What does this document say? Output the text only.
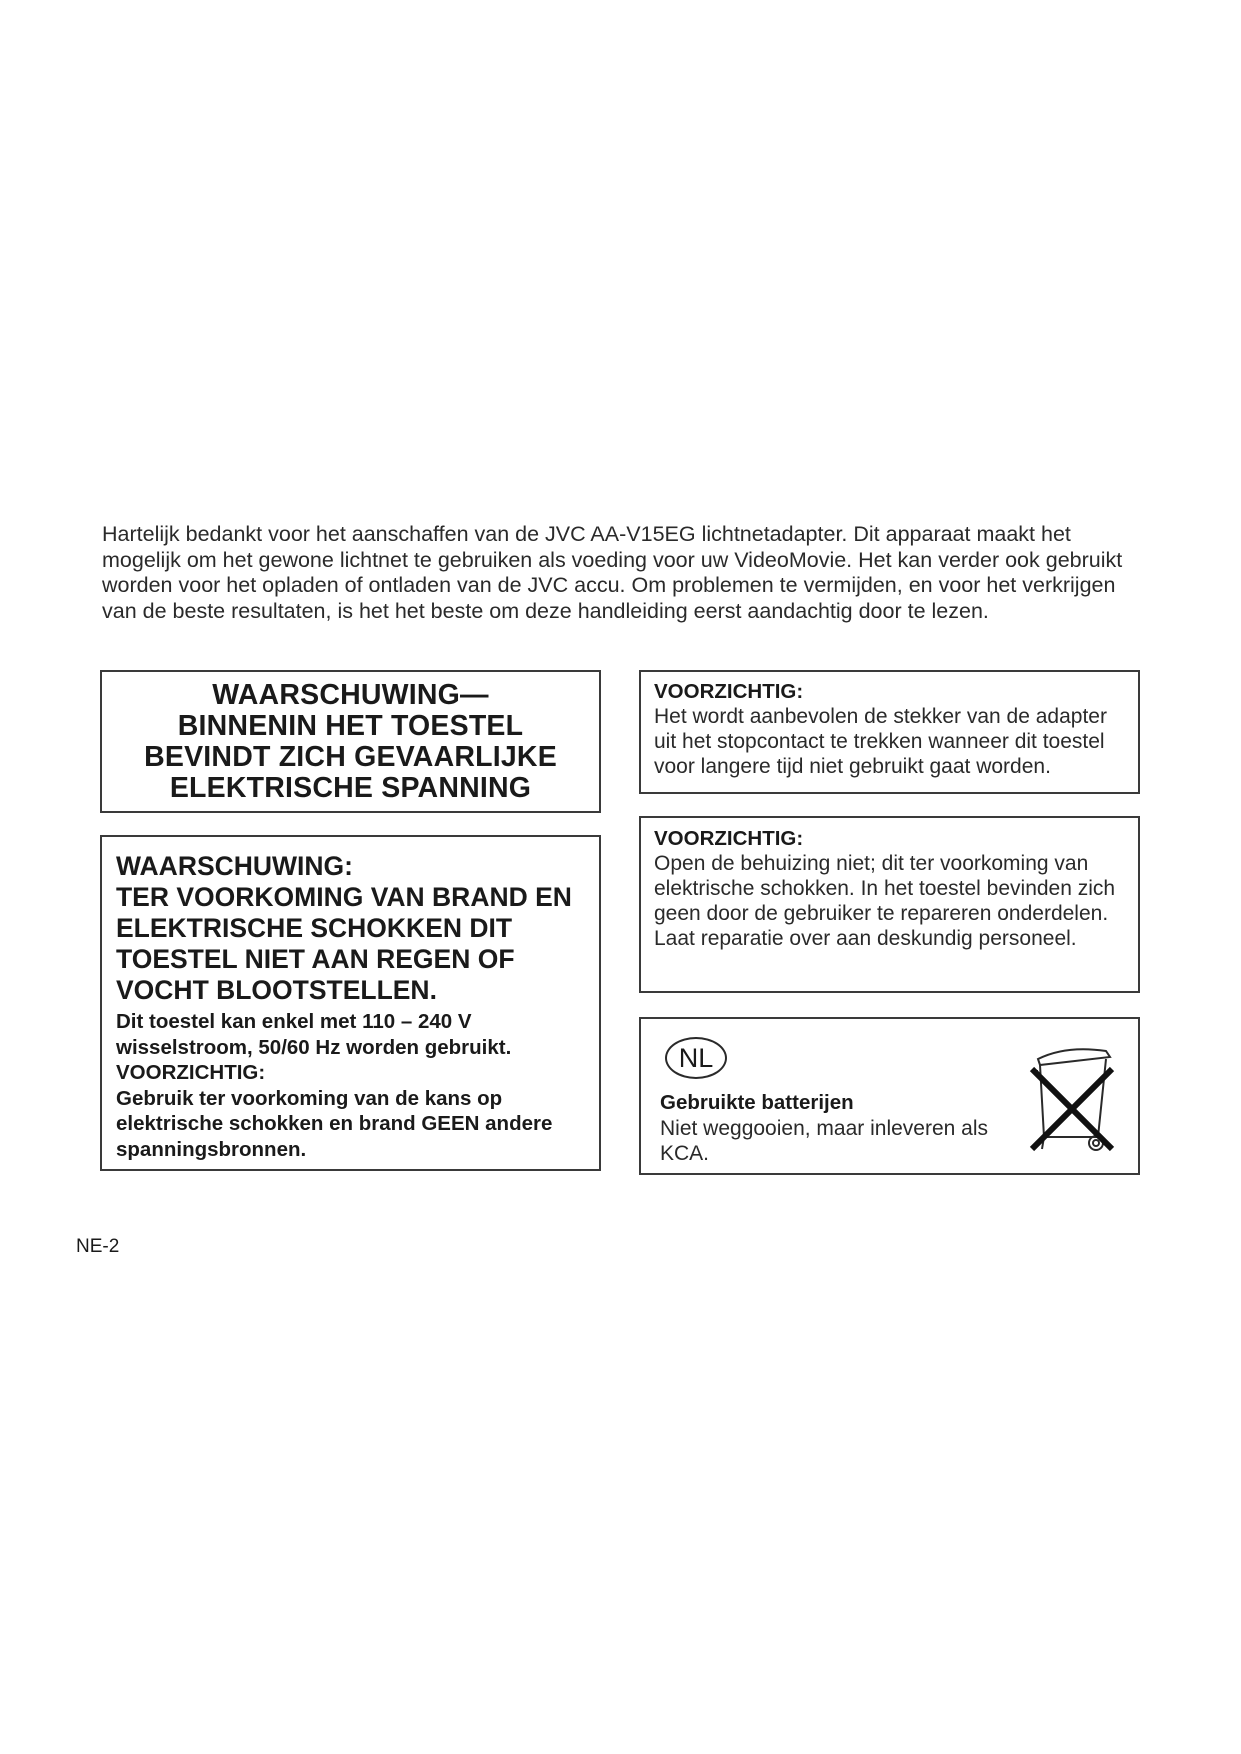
Hartelijk bedankt voor het aanschaffen van de JVC AA-V15EG lichtnetadapter. Dit apparaat maakt het mogelijk om het gewone lichtnet te gebruiken als voeding voor uw VideoMovie. Het kan verder ook gebruikt worden voor het opladen of ontladen van de JVC accu. Om problemen te vermijden, en voor het verkrijgen van de beste resultaten, is het het beste om deze handleiding eerst aandachtig door te lezen.
WAARSCHUWING—
BINNENIN HET TOESTEL
BEVINDT ZICH GEVAARLIJKE
ELEKTRISCHE SPANNING
WAARSCHUWING:
TER VOORKOMING VAN BRAND EN
ELEKTRISCHE SCHOKKEN DIT
TOESTEL NIET AAN REGEN OF
VOCHT BLOOTSTELLEN.
Dit toestel kan enkel met 110 – 240 V wisselstroom, 50/60 Hz worden gebruikt.
VOORZICHTIG:
Gebruik ter voorkoming van de kans op elektrische schokken en brand GEEN andere spanningsbronnen.
VOORZICHTIG:
Het wordt aanbevolen de stekker van de adapter uit het stopcontact te trekken wanneer dit toestel voor langere tijd niet gebruikt gaat worden.
VOORZICHTIG:
Open de behuizing niet; dit ter voorkoming van elektrische schokken. In het toestel bevinden zich geen door de gebruiker te repareren onderdelen. Laat reparatie over aan deskundig personeel.
NL
Gebruikte batterijen
Niet weggooien, maar inleveren als KCA.
NE-2
